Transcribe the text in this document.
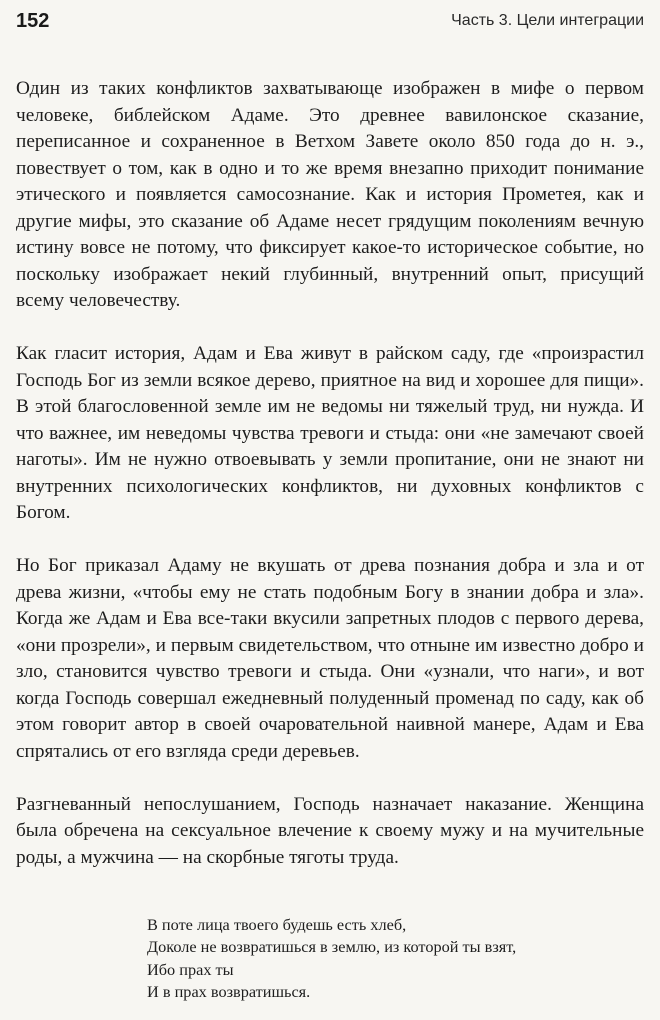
152	Часть 3. Цели интеграции

Один из таких конфликтов захватывающе изображен в мифе о первом человеке, библейском Адаме. Это древнее вавилонское сказание, переписанное и сохраненное в Ветхом Завете около 850 года до н. э., повествует о том, как в одно и то же время внезапно приходит понимание этического и появляется самосознание. Как и история Прометея, как и другие мифы, это сказание об Адаме несет грядущим поколениям вечную истину вовсе не потому, что фиксирует какое-то историческое событие, но поскольку изображает некий глубинный, внутренний опыт, присущий всему человечеству.

Как гласит история, Адам и Ева живут в райском саду, где «произрастил Господь Бог из земли всякое дерево, приятное на вид и хорошее для пищи». В этой благословенной земле им не ведомы ни тяжелый труд, ни нужда. И что важнее, им неведомы чувства тревоги и стыда: они «не замечают своей наготы». Им не нужно отвоевывать у земли пропитание, они не знают ни внутренних психологических конфликтов, ни духовных конфликтов с Богом.

Но Бог приказал Адаму не вкушать от древа познания добра и зла и от древа жизни, «чтобы ему не стать подобным Богу в знании добра и зла». Когда же Адам и Ева все-таки вкусили запретных плодов с первого дерева, «они прозрели», и первым свидетельством, что отныне им известно добро и зло, становится чувство тревоги и стыда. Они «узнали, что наги», и вот когда Господь совершал ежедневный полуденный променад по саду, как об этом говорит автор в своей очаровательной наивной манере, Адам и Ева спрятались от его взгляда среди деревьев.

Разгневанный непослушанием, Господь назначает наказание. Женщина была обречена на сексуальное влечение к своему мужу и на мучительные роды, а мужчина — на скорбные тяготы труда.

В поте лица твоего будешь есть хлеб,
Доколе не возвратишься в землю, из которой ты взят,
Ибо прах ты
И в прах возвратишься.
